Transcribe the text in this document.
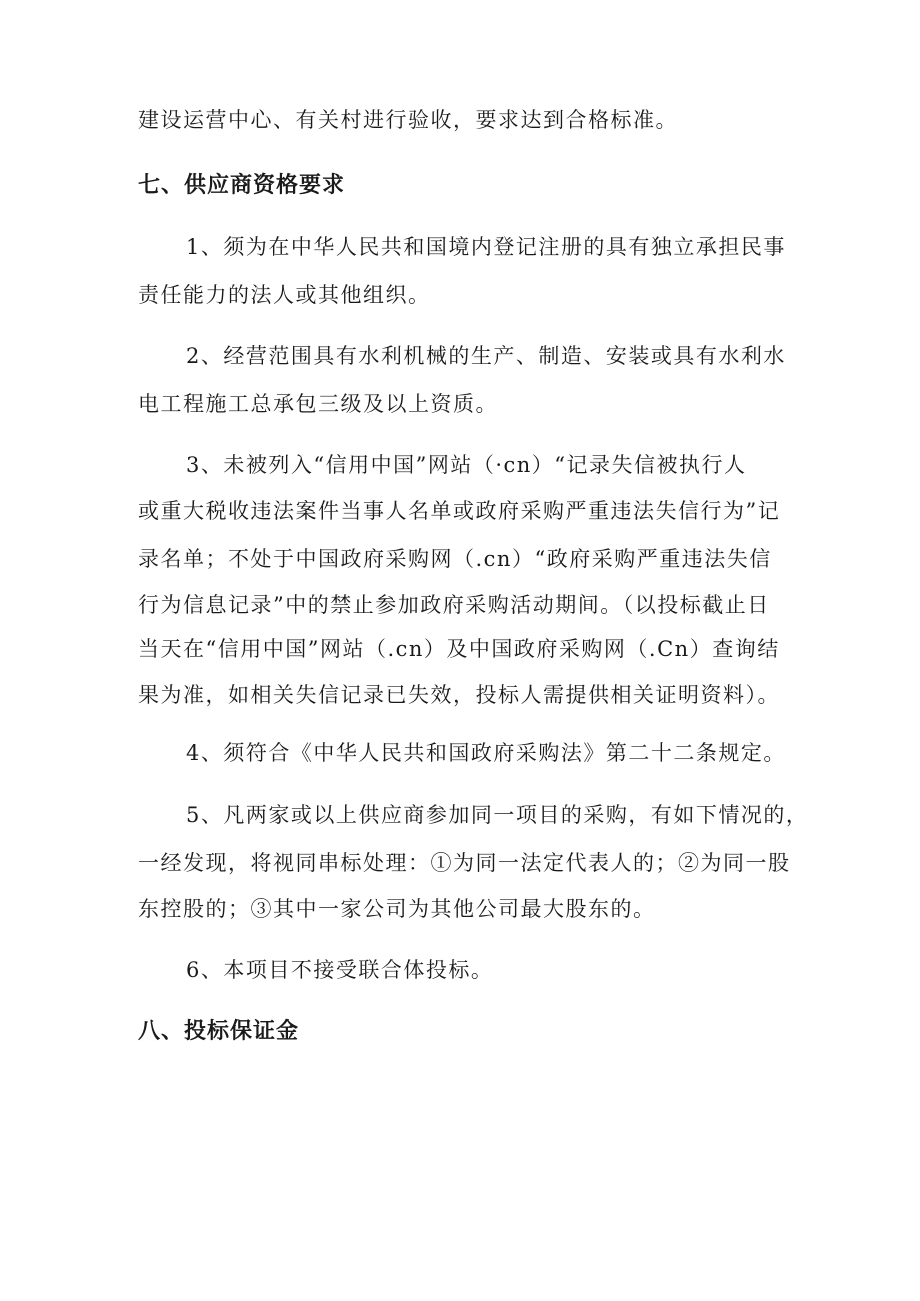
建设运营中心、有关村进行验收，要求达到合格标准。
七、供应商资格要求
1、须为在中华人民共和国境内登记注册的具有独立承担民事
责任能力的法人或其他组织。
2、经营范围具有水利机械的生产、制造、安装或具有水利水
电工程施工总承包三级及以上资质。
3、未被列入“信用中国”网站（·cn）“记录失信被执行人
或重大税收违法案件当事人名单或政府采购严重违法失信行为”记
录名单；不处于中国政府采购网（.cn）“政府采购严重违法失信
行为信息记录”中的禁止参加政府采购活动期间。（以投标截止日
当天在“信用中国”网站（.cn）及中国政府采购网（.Cn）查询结
果为准，如相关失信记录已失效，投标人需提供相关证明资料）。
4、须符合《中华人民共和国政府采购法》第二十二条规定。
5、凡两家或以上供应商参加同一项目的采购，有如下情况的，
一经发现，将视同串标处理：①为同一法定代表人的；②为同一股
东控股的；③其中一家公司为其他公司最大股东的。
6、本项目不接受联合体投标。
八、投标保证金
